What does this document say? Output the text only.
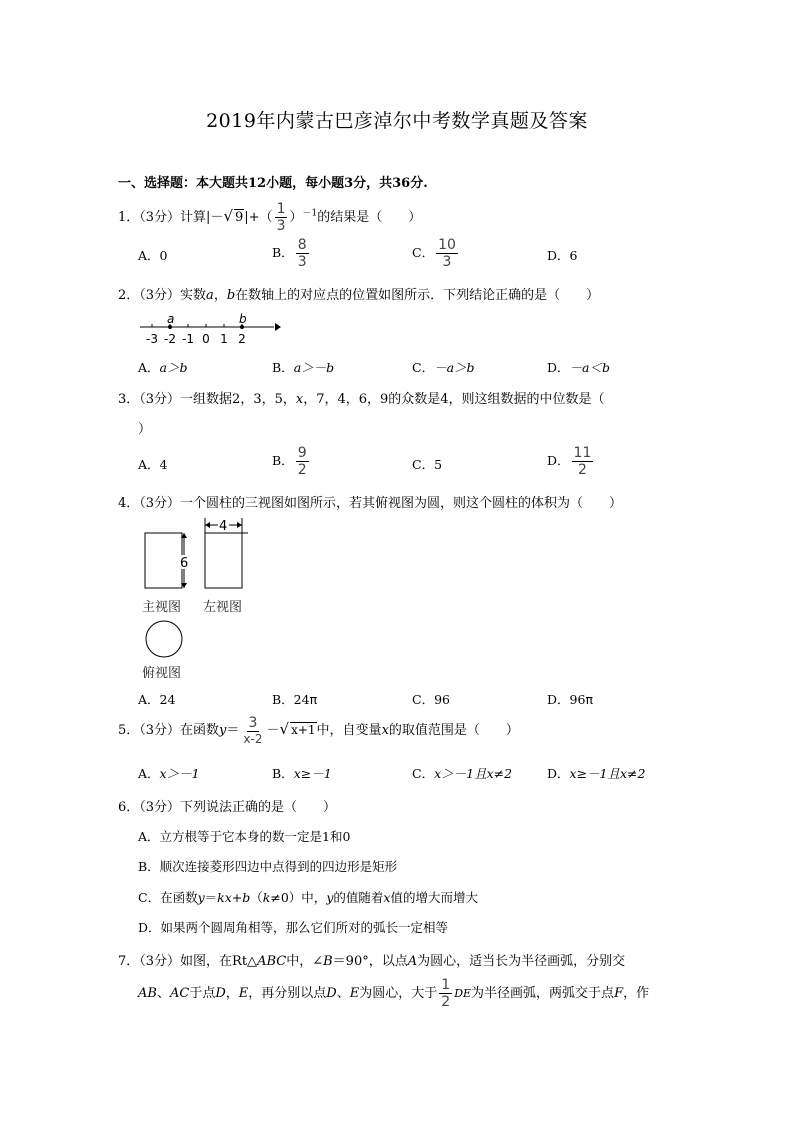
2019年内蒙古巴彦淖尔中考数学真题及答案
一、选择题：本大题共12小题，每小题3分，共36分.
1．（3分）计算|－√ $9|+( \frac{1}{3} )^{-1}$的结果是（　　）
A．0	B． $\frac{8}{3}$	C． $\frac{10}{3}$	D．6
2．（3分）实数a，b在数轴上的对应点的位置如图所示．下列结论正确的是（　　）
-3 -2 -1 0 1 2
a	b
A．a＞b	B．a＞－b	C．－a＞b	D．－a＜b
3．（3分）一组数据2，3，5，x，7，4，6，9的众数是4，则这组数据的中位数是（
）
A．4	B． $\frac{9}{2}$	C．5	D． $\frac{11}{2}$
4．（3分）一个圆柱的三视图如图所示，若其俯视图为圆，则这个圆柱的体积为（　　）
6
4
主视图 左视图
俯视图
A．24	B．24π	C．96	D．96π
5．（3分）在函数$y= \frac{3}{x-2}$ －√ x+1中，自变量x的取值范围是（　　）
A．x＞－1	B．x≥－1	C．x＞－1且x≠2	D．x≥－1且x≠2
6．（3分）下列说法正确的是（　　）
A．立方根等于它本身的数一定是1和0
B．顺次连接菱形四边中点得到的四边形是矩形
C．在函数y＝kx+b（k≠0）中，y的值随着x值的增大而增大
D．如果两个圆周角相等，那么它们所对的弧长一定相等
7．（3分）如图，在Rt△ABC中，∠B＝90°，以点A为圆心，适当长为半径画弧，分别交
AB、AC于点D，E，再分别以点D、E为圆心，大于 $\frac{1}{2}$ DE为半径画弧，两弧交于点F，作
